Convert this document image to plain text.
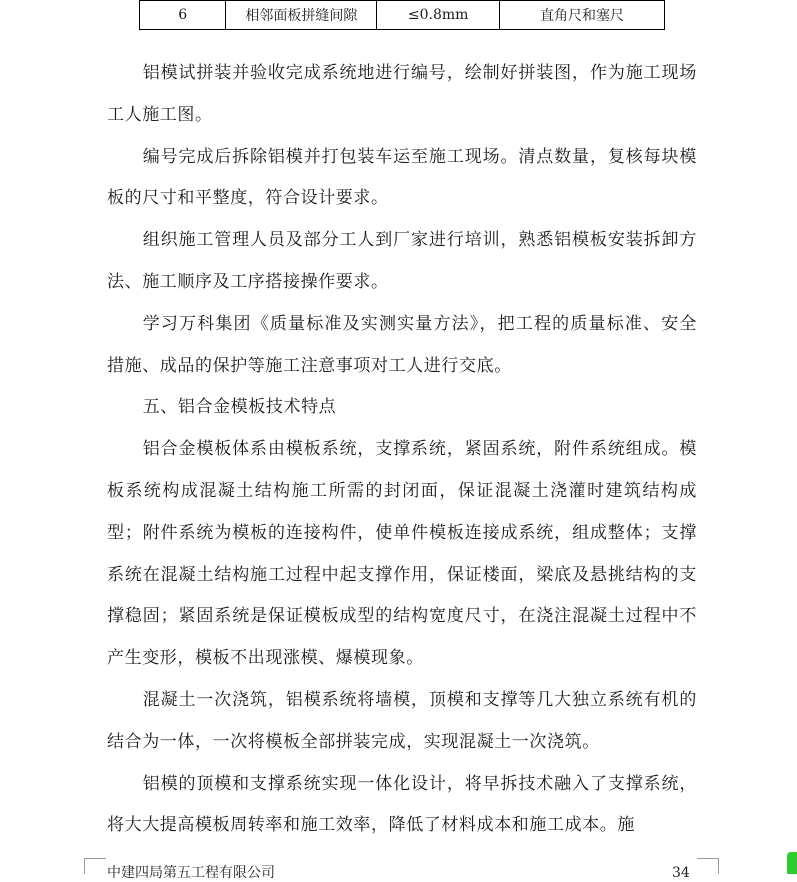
6	相邻面板拼缝间隙	≤0.8mm	直角尺和塞尺

铝模试拼装并验收完成系统地进行编号，绘制好拼装图，作为施工现场工人施工图。

编号完成后拆除铝模并打包装车运至施工现场。清点数量，复核每块模板的尺寸和平整度，符合设计要求。

组织施工管理人员及部分工人到厂家进行培训，熟悉铝模板安装拆卸方法、施工顺序及工序搭接操作要求。

学习万科集团《质量标准及实测实量方法》，把工程的质量标准、安全措施、成品的保护等施工注意事项对工人进行交底。

五、铝合金模板技术特点

铝合金模板体系由模板系统，支撑系统，紧固系统，附件系统组成。模板系统构成混凝土结构施工所需的封闭面，保证混凝土浇灌时建筑结构成型；附件系统为模板的连接构件，使单件模板连接成系统，组成整体；支撑系统在混凝土结构施工过程中起支撑作用，保证楼面，梁底及悬挑结构的支撑稳固；紧固系统是保证模板成型的结构宽度尺寸，在浇注混凝土过程中不产生变形，模板不出现涨模、爆模现象。

混凝土一次浇筑，铝模系统将墙模，顶模和支撑等几大独立系统有机的结合为一体，一次将模板全部拼装完成，实现混凝土一次浇筑。

铝模的顶模和支撑系统实现一体化设计，将早拆技术融入了支撑系统，将大大提高模板周转率和施工效率，降低了材料成本和施工成本。施

中建四局第五工程有限公司	34
